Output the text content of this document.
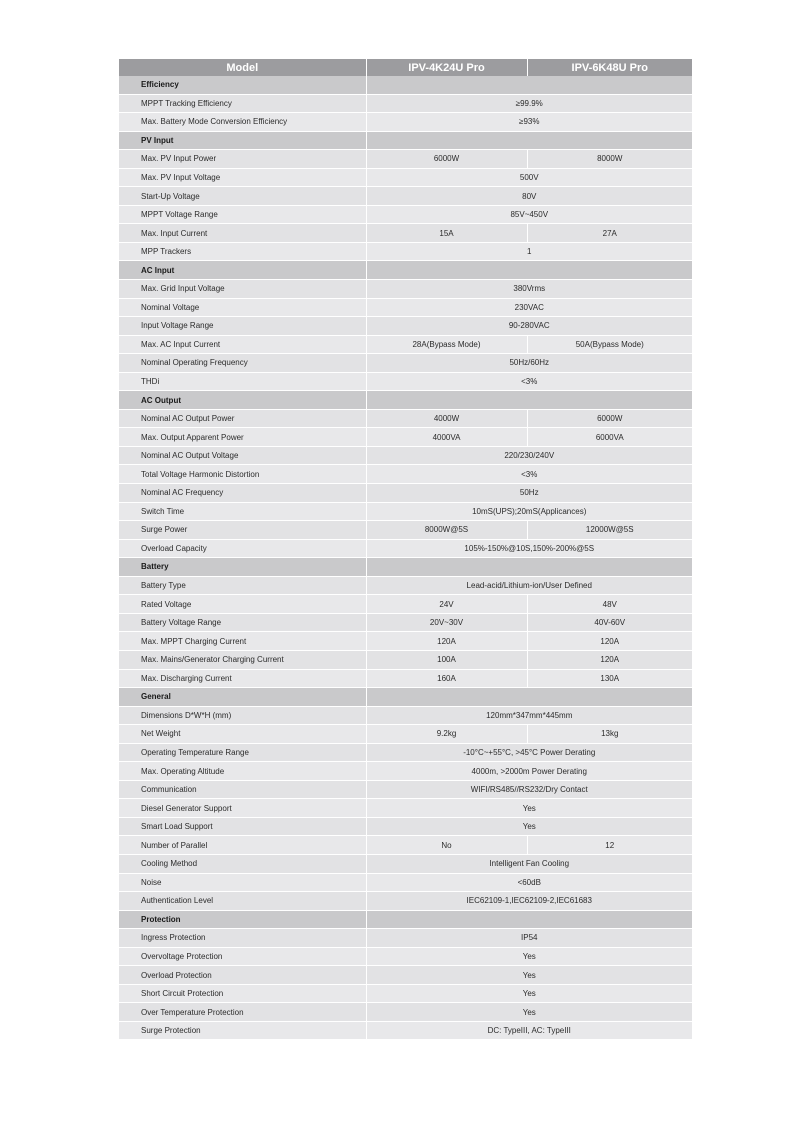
Model	IPV-4K24U Pro	IPV-6K48U Pro
Efficiency		
MPPT Tracking Efficiency	≥99.9%	
Max. Battery Mode Conversion Efficiency	≥93%	
PV Input		
Max. PV Input Power	6000W	8000W
Max. PV Input Voltage	500V	
Start-Up Voltage	80V	
MPPT Voltage Range	85V~450V	
Max. Input Current	15A	27A
MPP Trackers	1	
AC Input		
Max. Grid Input Voltage	380Vrms	
Nominal Voltage	230VAC	
Input Voltage Range	90-280VAC	
Max. AC Input Current	28A(Bypass Mode)	50A(Bypass Mode)
Nominal Operating Frequency	50Hz/60Hz	
THDi	<3%	
AC Output		
Nominal AC Output Power	4000W	6000W
Max. Output Apparent Power	4000VA	6000VA
Nominal AC Output Voltage	220/230/240V	
Total Voltage Harmonic Distortion	<3%	
Nominal AC Frequency	50Hz	
Switch Time	10mS(UPS);20mS(Applicances)	
Surge Power	8000W@5S	12000W@5S
Overload Capacity	105%-150%@10S,150%-200%@5S	
Battery		
Battery Type	Lead-acid/Lithium-ion/User Defined	
Rated Voltage	24V	48V
Battery Voltage Range	20V~30V	40V-60V
Max. MPPT Charging Current	120A	120A
Max. Mains/Generator Charging Current	100A	120A
Max. Discharging Current	160A	130A
General		
Dimensions D*W*H (mm)	120mm*347mm*445mm	
Net Weight	9.2kg	13kg
Operating Temperature Range	-10°C~+55°C, >45°C Power Derating	
Max. Operating Altitude	4000m, >2000m Power Derating	
Communication	WIFI/RS485//RS232/Dry Contact	
Diesel Generator Support	Yes	
Smart Load Support	Yes	
Number of Parallel	No	12
Cooling Method	Intelligent Fan Cooling	
Noise	<60dB	
Authentication Level	IEC62109-1,IEC62109-2,IEC61683	
Protection		
Ingress Protection	IP54	
Overvoltage Protection	Yes	
Overload Protection	Yes	
Short Circuit Protection	Yes	
Over Temperature Protection	Yes	
Surge Protection	DC: TypeIII, AC: TypeIII	
